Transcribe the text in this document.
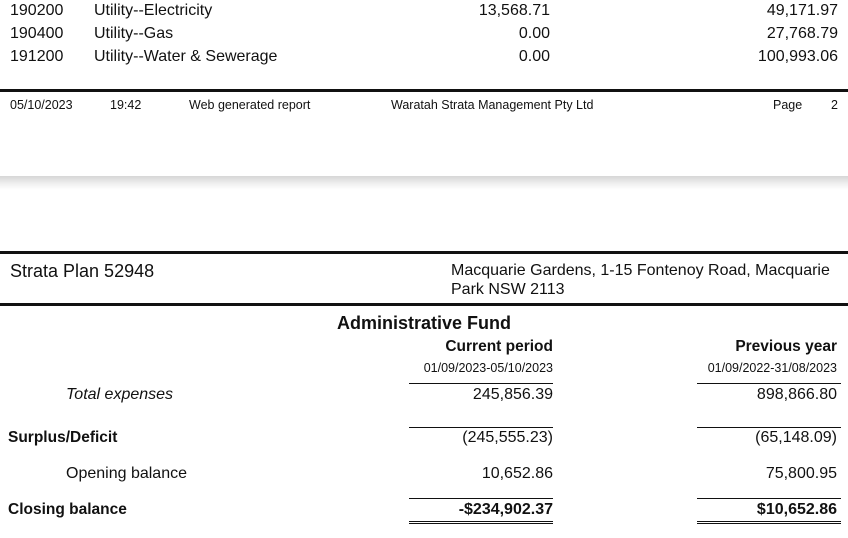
190200 Utility--Electricity	13,568.71	49,171.97
190400 Utility--Gas	0.00	27,768.79
191200 Utility--Water & Sewerage	0.00	100,993.06
05/10/2023	19:42	Web generated report	Waratah Strata Management Pty Ltd	Page 2
Strata Plan 52948	Macquarie Gardens, 1-15 Fontenoy Road, Macquarie Park NSW 2113
Administrative Fund
Current period	Previous year
01/09/2023-05/10/2023	01/09/2022-31/08/2023
Total expenses	245,856.39	898,866.80
Surplus/Deficit	(245,555.23)	(65,148.09)
Opening balance	10,652.86	75,800.95
Closing balance	-$234,902.37	$10,652.86
